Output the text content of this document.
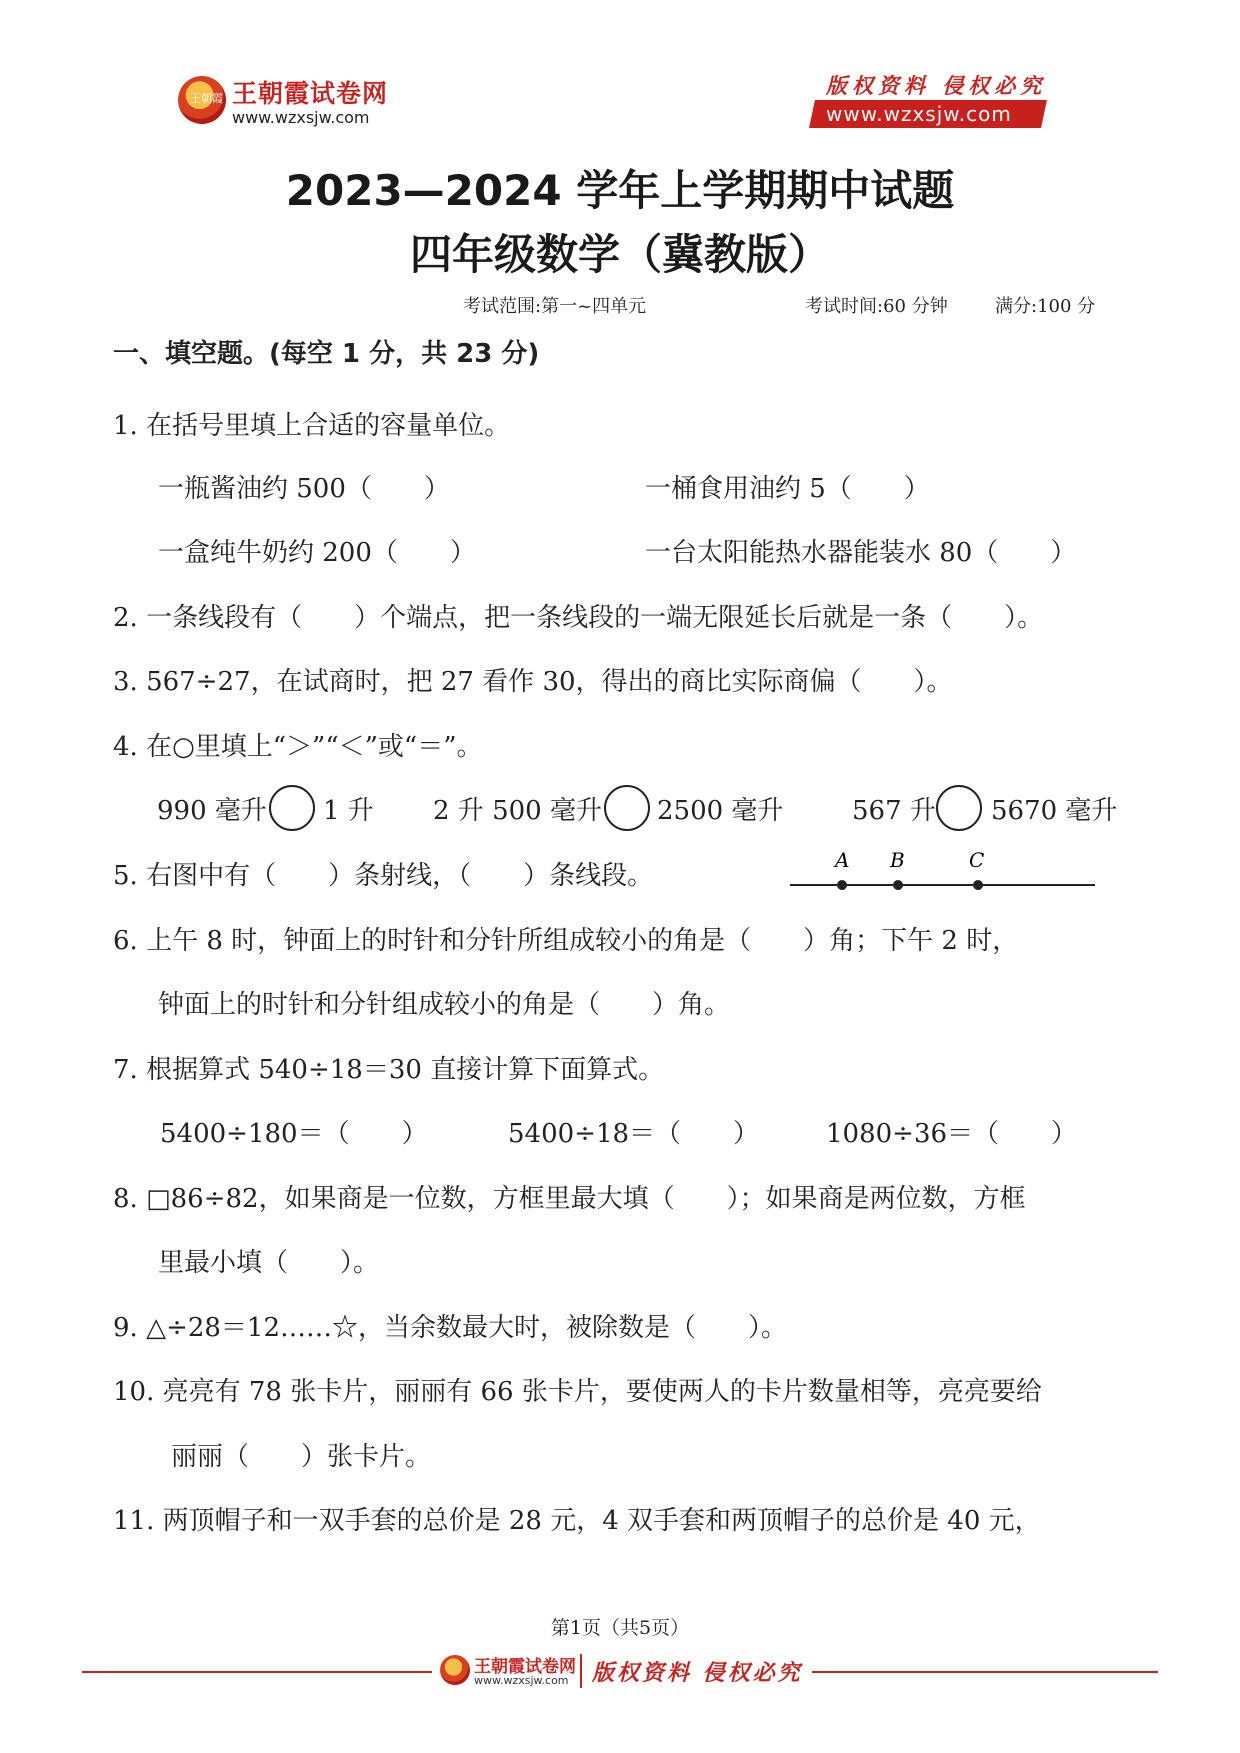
王朝霞 王朝霞试卷网
www.wzxsjw.com
版权资料 侵权必究
www.wzxsjw.com
2023—2024 学年上学期期中试题
四年级数学（冀教版）
考试范围:第一~四单元	考试时间:60 分钟	满分:100 分
一、填空题。(每空 1 分，共 23 分)
1. 在括号里填上合适的容量单位。
一瓶酱油约 500（　　）	一桶食用油约 5（　　）
一盒纯牛奶约 200（　　）	一台太阳能热水器能装水 80（　　）
2. 一条线段有（　　）个端点，把一条线段的一端无限延长后就是一条（　　）。
3. 567÷27，在试商时，把 27 看作 30，得出的商比实际商偏（　　）。
4. 在○里填上“＞”“＜”或“＝”。
990 毫升 1 升 2 升 500 毫升 2500 毫升	567 升 5670 毫升
5. 右图中有（　　）条射线，（　　）条线段。
A B	C
6. 上午 8 时，钟面上的时针和分针所组成较小的角是（　　）角；下午 2 时，
钟面上的时针和分针组成较小的角是（　　）角。
7. 根据算式 540÷18＝30 直接计算下面算式。
5400÷180＝（　　）	5400÷18＝（　　）	1080÷36＝（　　）
8. □86÷82，如果商是一位数，方框里最大填（　　）；如果商是两位数，方框
里最小填（　　）。
9. △÷28＝12……☆，当余数最大时，被除数是（　　）。
10. 亮亮有 78 张卡片，丽丽有 66 张卡片，要使两人的卡片数量相等，亮亮要给
丽丽（　　）张卡片。
11. 两顶帽子和一双手套的总价是 28 元，4 双手套和两顶帽子的总价是 40 元，
第1页（共5页）
王朝霞试卷网
www.wzxsjw.com 版权资料 侵权必究
